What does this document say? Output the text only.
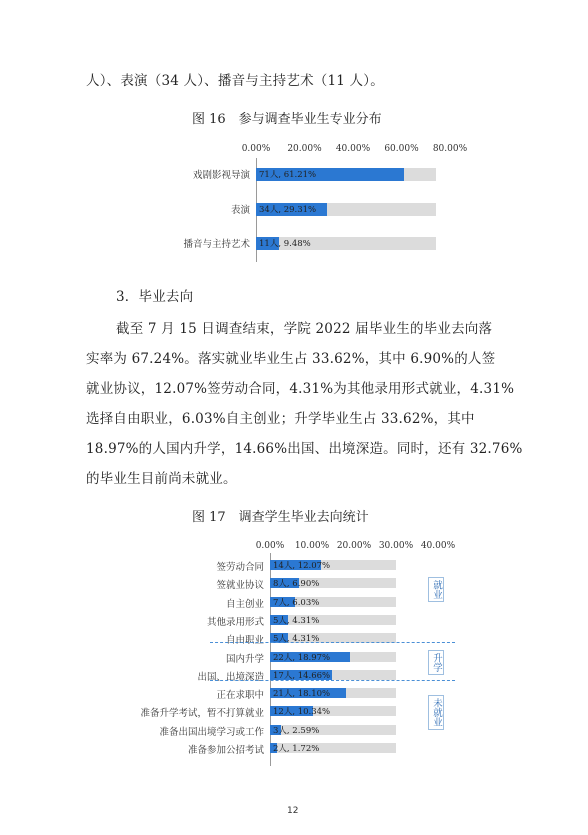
人）、表演（34 人）、播音与主持艺术（11 人）。
图 16　参与调查毕业生专业分布
0.00% 20.00% 40.00% 60.00% 80.00%
戏剧影视导演 71人, 61.21%
表演 34人, 29.31%
播音与主持艺术 11人, 9.48%
3．毕业去向
截至 7 月 15 日调查结束，学院 2022 届毕业生的毕业去向落
实率为 67.24%。落实就业毕业生占 33.62%，其中 6.90%的人签
就业协议，12.07%签劳动合同，4.31%为其他录用形式就业，4.31%
选择自由职业，6.03%自主创业；升学毕业生占 33.62%，其中
18.97%的人国内升学，14.66%出国、出境深造。同时，还有 32.76%
的毕业生目前尚未就业。
图 17　调查学生毕业去向统计
0.00% 10.00% 20.00% 30.00% 40.00%
签劳动合同 14人, 12.07%
签就业协议 8人, 6.90%
自主创业 7人, 6.03%
其他录用形式 5人, 4.31%
自由职业 5人, 4.31%
国内升学 22人, 18.97%
出国、出境深造 17人, 14.66%
正在求职中 21人, 18.10%
准备升学考试，暂不打算就业 12人, 10.34%
准备出国出境学习或工作 3人, 2.59%
准备参加公招考试 2人, 1.72%
就业
升学
未就业
12
